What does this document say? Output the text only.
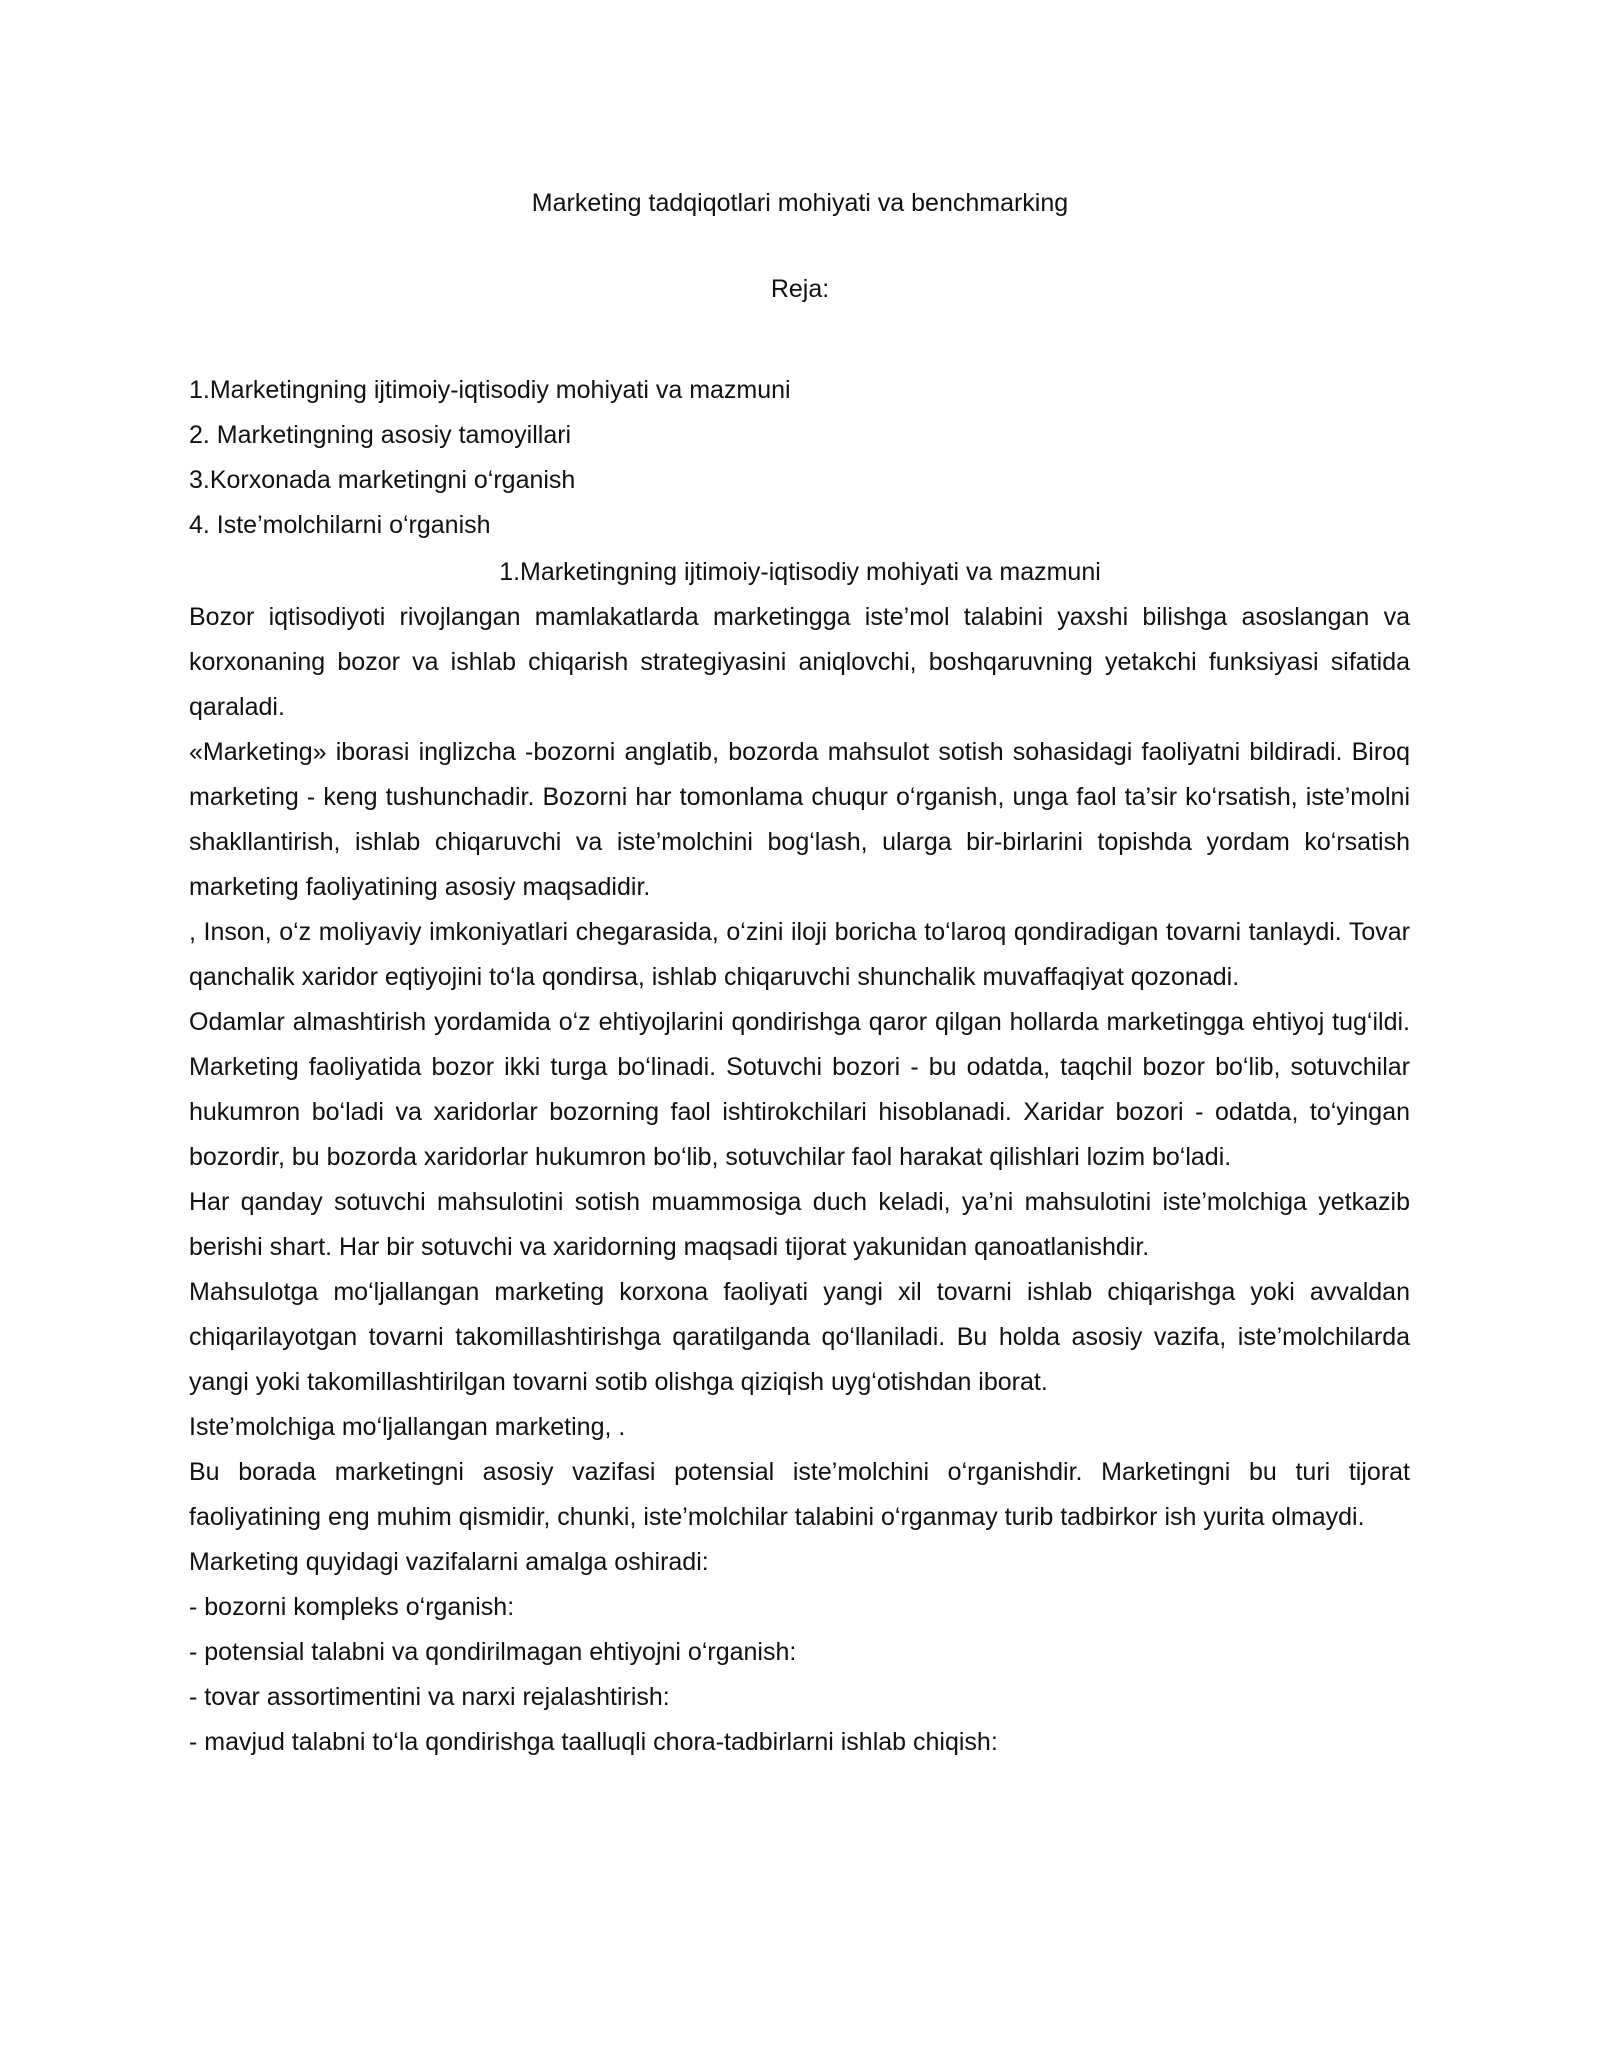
Marketing tadqiqotlari mohiyati va benchmarking
Reja:
1.Marketingning ijtimoiy-iqtisodiy mohiyati va mazmuni
2. Marketingning asosiy tamoyillari
3.Korxonada marketingni o‘rganish
4. Iste’molchilarni o‘rganish
1.Marketingning ijtimoiy-iqtisodiy mohiyati va mazmuni

Bozor iqtisodiyoti rivojlangan mamlakatlarda marketingga iste’mol talabini yaxshi bilishga asoslangan va korxonaning bozor va ishlab chiqarish strategiyasini aniqlovchi, boshqaruvning yetakchi funksiyasi sifatida qaraladi.

«Marketing» iborasi inglizcha -bozorni anglatib, bozorda mahsulot sotish sohasidagi faoliyatni bildiradi. Biroq marketing - keng tushunchadir. Bozorni har tomonlama chuqur o‘rganish, unga faol ta’sir ko‘rsatish, iste’molni shakllantirish, ishlab chiqaruvchi va iste’molchini bog‘lash, ularga bir-birlarini topishda yordam ko‘rsatish marketing faoliyatining asosiy maqsadidir.

, Inson, o‘z moliyaviy imkoniyatlari chegarasida, o‘zini iloji boricha to‘laroq qondiradigan tovarni tanlaydi. Tovar qanchalik xaridor eqtiyojini to‘la qondirsa, ishlab chiqaruvchi shunchalik muvaffaqiyat qozonadi.

Odamlar almashtirish yordamida o‘z ehtiyojlarini qondirishga qaror qilgan hollarda marketingga ehtiyoj tug‘ildi. Marketing faoliyatida bozor ikki turga bo‘linadi. Sotuvchi bozori - bu odatda, taqchil bozor bo‘lib, sotuvchilar hukumron bo‘ladi va xaridorlar bozorning faol ishtirokchilari hisoblanadi. Xaridar bozori - odatda, to‘yingan bozordir, bu bozorda xaridorlar hukumron bo‘lib, sotuvchilar faol harakat qilishlari lozim bo‘ladi.

Har qanday sotuvchi mahsulotini sotish muammosiga duch keladi, ya’ni mahsulotini iste’molchiga yetkazib berishi shart. Har bir sotuvchi va xaridorning maqsadi tijorat yakunidan qanoatlanishdir.

Mahsulotga mo‘ljallangan marketing korxona faoliyati yangi xil tovarni ishlab chiqarishga yoki avvaldan chiqarilayotgan tovarni takomillashtirishga qaratilganda qo‘llaniladi. Bu holda asosiy vazifa, iste’molchilarda yangi yoki takomillashtirilgan tovarni sotib olishga qiziqish uyg‘otishdan iborat.

Iste’molchiga mo‘ljallangan marketing, .

Bu borada marketingni asosiy vazifasi potensial iste’molchini o‘rganishdir. Marketingni bu turi tijorat faoliyatining eng muhim qismidir, chunki, iste’molchilar talabini o‘rganmay turib tadbirkor ish yurita olmaydi.

Marketing quyidagi vazifalarni amalga oshiradi:

- bozorni kompleks o‘rganish:

- potensial talabni va qondirilmagan ehtiyojni o‘rganish:

- tovar assortimentini va narxi rejalashtirish:

- mavjud talabni to‘la qondirishga taalluqli chora-tadbirlarni ishlab chiqish:
